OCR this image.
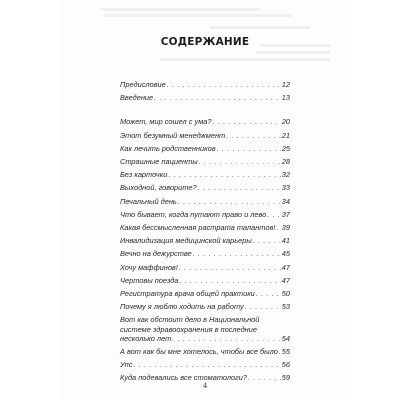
СОДЕРЖАНИЕ
Предисловие . . .	12
Введение . . .	13
Может, мир сошел с ума? . . .	20
Этот безумный менеджмент . . .	21
Как лечить родственников . . .	25
Страшные пациенты . . .	28
Без карточки . . .	32
Выходной, говорите? . . .	33
Печальный день . . .	34
Что бывает, когда путают право и лево . . . 37
Какая бессмысленная растрата талантов! . . . 39
Инвалидизация медицинской карьеры . . .	41
Вечно на дежурстве . . .	45
Хочу маффинов! . . .	47
Чертовы поезда . . .	47
Регистратура врача общей практики . . .	50
Почему я люблю ходить на работу . . .	53
Вот как обстоит дело в Национальной
системе здравоохранения в последние
несколько лет . . .	54
А вот как бы мне хотелось, чтобы все было . . . 55
Упс . . .	56
Куда подевались все стоматологи? . . .	59
4
